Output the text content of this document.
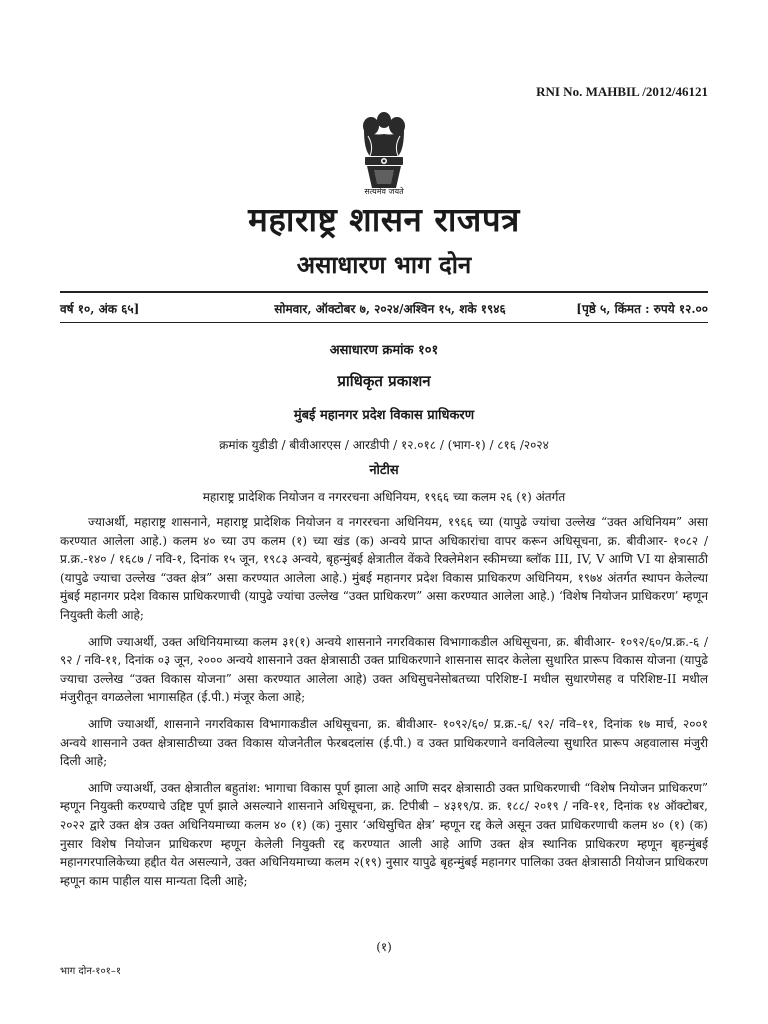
RNI No. MAHBIL /2012/46121
सत्यमेव जयते
महाराष्ट्र शासन राजपत्र
असाधारण भाग दोन
वर्ष १०, अंक ६५]	सोमवार, ऑक्टोबर ७, २०२४/अश्विन १५, शके १९४६	[पृष्ठे ५, किंमत : रुपये १२.००
असाधारण क्रमांक १०१
प्राधिकृत प्रकाशन
मुंबई महानगर प्रदेश विकास प्राधिकरण
क्रमांक युडीडी / बीवीआरएस / आरडीपी / १२.०१८ / (भाग-१) / ८१६ /२०२४
नोटीस
महाराष्ट्र प्रादेशिक नियोजन व नगररचना अधिनियम, १९६६ च्या कलम २६ (१) अंतर्गत

ज्याअर्थी, महाराष्ट्र शासनाने, महाराष्ट्र प्रादेशिक नियोजन व नगररचना अधिनियम, १९६६ च्या (यापुढे ज्यांचा उल्लेख “उक्त अधिनियम” असा करण्यात आलेला आहे.) कलम ४० च्या उप कलम (१) च्या खंड (क) अन्वये प्राप्त अधिकारांचा वापर करून अधिसूचना, क्र. बीवीआर- १०८२ / प्र.क्र.-१४० / १६८७ / नवि-१, दिनांक १५ जून, १९८३ अन्वये, बृहन्मुंबई क्षेत्रातील वेंकवे रिक्लेमेशन स्कीमच्या ब्लॉक III, IV, V आणि VI या क्षेत्रासाठी (यापुढे ज्याचा उल्लेख “उक्त क्षेत्र” असा करण्यात आलेला आहे.) मुंबई महानगर प्रदेश विकास प्राधिकरण अधिनियम, १९७४ अंतर्गत स्थापन केलेल्या मुंबई महानगर प्रदेश विकास प्राधिकरणाची (यापुढे ज्यांचा उल्लेख “उक्त प्राधिकरण” असा करण्यात आलेला आहे.) ‘विशेष नियोजन प्राधिकरण’ म्हणून नियुक्ती केली आहे;

आणि ज्याअर्थी, उक्त अधिनियमाच्या कलम ३१(१) अन्वये शासनाने नगरविकास विभागाकडील अधिसूचना, क्र. बीवीआर- १०९२/६०/प्र.क्र.-६ / ९२ / नवि-११, दिनांक ०३ जून, २००० अन्वये शासनाने उक्त क्षेत्रासाठी उक्त प्राधिकरणाने शासनास सादर केलेला सुधारित प्रारूप विकास योजना (यापुढे ज्याचा उल्लेख “उक्त विकास योजना” असा करण्यात आलेला आहे) उक्त अधिसुचनेसोबतच्या परिशिष्ट-I मधील सुधारणेसह व परिशिष्ट-II मधील मंजुरीतून वगळलेला भागासहित (ई.पी.) मंजूर केला आहे;

आणि ज्याअर्थी, शासनाने नगरविकास विभागाकडील अधिसूचना, क्र. बीवीआर- १०९२/६०/ प्र.क्र.-६/ ९२/ नवि–११, दिनांक १७ मार्च, २००१ अन्वये शासनाने उक्त क्षेत्रासाठीच्या उक्त विकास योजनेतील फेरबदलांस (ई.पी.) व उक्त प्राधिकरणाने वनविलेल्या सुधारित प्रारूप अहवालास मंजुरी दिली आहे;

आणि ज्याअर्थी, उक्त क्षेत्रातील बहुतांश: भागाचा विकास पूर्ण झाला आहे आणि सदर क्षेत्रासाठी उक्त प्राधिकरणाची “विशेष नियोजन प्राधिकरण” म्हणून नियुक्ती करण्याचे उद्दिष्ट पूर्ण झाले असल्याने शासनाने अधिसूचना, क्र. टिपीबी – ४३१९/प्र. क्र. १८८/ २०१९ / नवि-११, दिनांक १४ ऑक्टोबर, २०२२ द्वारे उक्त क्षेत्र उक्त अधिनियमाच्या कलम ४० (१) (क) नुसार ‘अधिसुचित क्षेत्र’ म्हणून रद्द केले असून उक्त प्राधिकरणाची कलम ४० (१) (क) नुसार विशेष नियोजन प्राधिकरण म्हणून केलेली नियुक्ती रद्द करण्यात आली आहे आणि उक्त क्षेत्र स्थानिक प्राधिकरण म्हणून बृहन्मुंबई महानगरपालिकेच्या हद्दीत येत असल्याने, उक्त अधिनियमाच्या कलम २(१९) नुसार यापुढे बृहन्मुंबई महानगर पालिका उक्त क्षेत्रासाठी नियोजन प्राधिकरण म्हणून काम पाहील यास मान्यता दिली आहे;

(१)
भाग दोन-१०१–१
